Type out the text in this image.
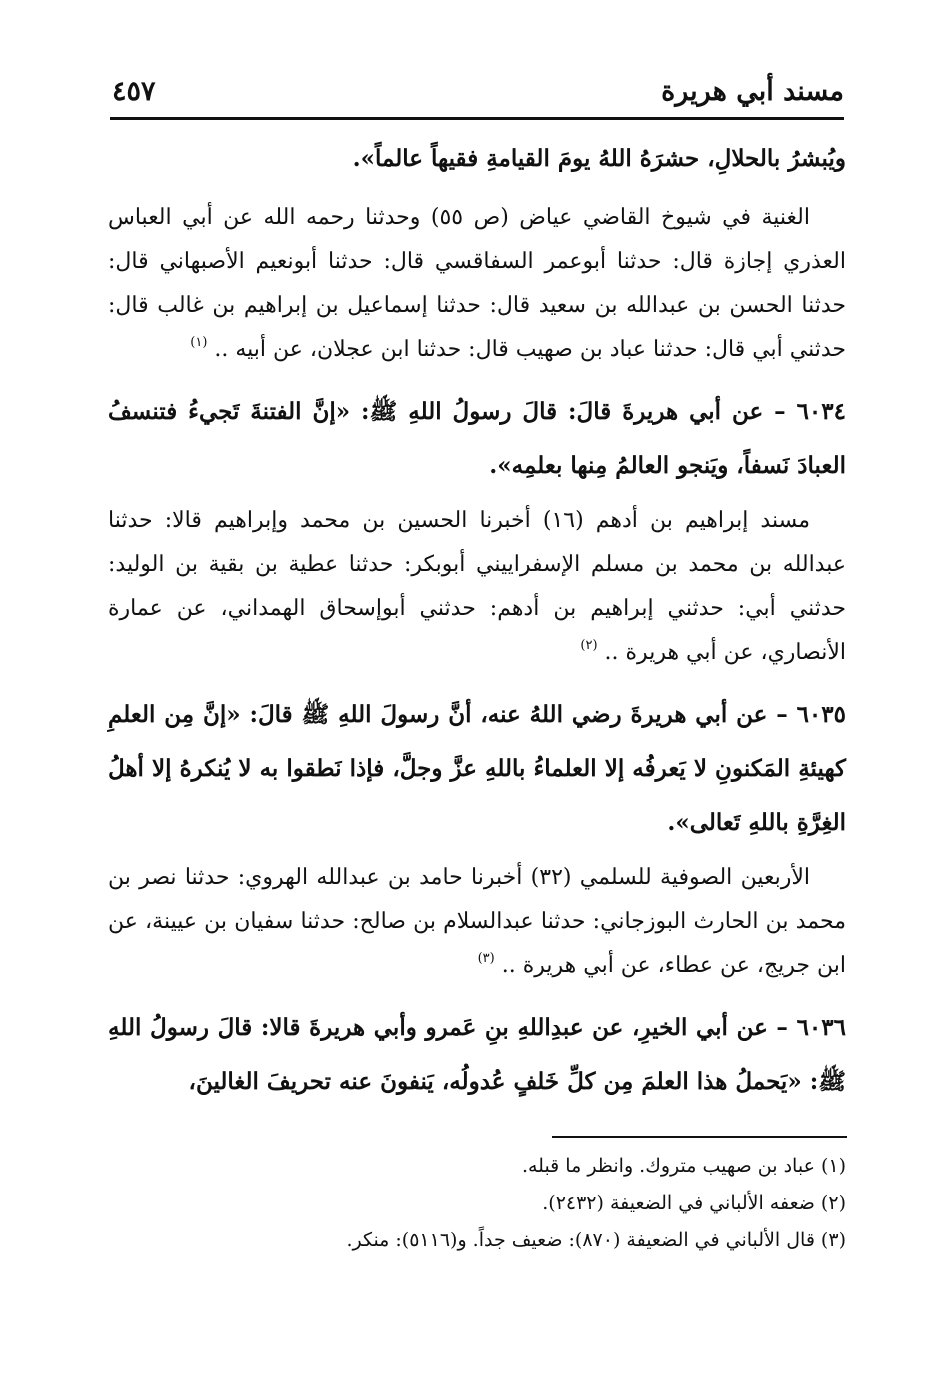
مسند أبي هريرة
٤٥٧

ويُبشرُ بالحلالِ، حشرَهُ اللهُ يومَ القيامةِ فقيهاً عالماً».

الغنية في شيوخ القاضي عياض (ص ٥٥) وحدثنا رحمه الله عن أبي العباس العذري إجازة قال: حدثنا أبوعمر السفاقسي قال: حدثنا أبونعيم الأصبهاني قال: حدثنا الحسن بن عبدالله بن سعيد قال: حدثنا إسماعيل بن إبراهيم بن غالب قال: حدثني أبي قال: حدثنا عباد بن صهيب قال: حدثنا ابن عجلان، عن أبيه .. $^{(١)}$

٦٠٣٤ – عن أبي هريرةَ قالَ: قالَ رسولُ اللهِ ﷺ: «إنَّ الفتنةَ تَجيءُ فتنسفُ العبادَ نَسفاً، ويَنجو العالمُ مِنها بعلمِه».

مسند إبراهيم بن أدهم (١٦) أخبرنا الحسين بن محمد وإبراهيم قالا: حدثنا عبدالله بن محمد بن مسلم الإسفراييني أبوبكر: حدثنا عطية بن بقية بن الوليد: حدثني أبي: حدثني إبراهيم بن أدهم: حدثني أبوإسحاق الهمداني، عن عمارة الأنصاري، عن أبي هريرة .. $^{(٢)}$

٦٠٣٥ – عن أبي هريرةَ رضي اللهُ عنه، أنَّ رسولَ اللهِ ﷺ قالَ: «إنَّ مِن العلمِ كهيئةِ المَكنونِ لا يَعرفُه إلا العلماءُ باللهِ عزَّ وجلَّ، فإذا نَطقوا به لا يُنكرهُ إلا أهلُ الغِرَّةِ باللهِ تَعالى».

الأربعين الصوفية للسلمي (٣٢) أخبرنا حامد بن عبدالله الهروي: حدثنا نصر بن محمد بن الحارث البوزجاني: حدثنا عبدالسلام بن صالح: حدثنا سفيان بن عيينة، عن ابن جريج، عن عطاء، عن أبي هريرة .. $^{(٣)}$

٦٠٣٦ – عن أبي الخيرِ، عن عبدِاللهِ بنِ عَمرو وأبي هريرةَ قالا: قالَ رسولُ اللهِ ﷺ: «يَحملُ هذا العلمَ مِن كلِّ خَلفٍ عُدولُه، يَنفونَ عنه تحريفَ الغالينَ،

(١) عباد بن صهيب متروك. وانظر ما قبله.

(٢) ضعفه الألباني في الضعيفة (٢٤٣٢).

(٣) قال الألباني في الضعيفة (٨٧٠): ضعيف جداً. و(٥١١٦): منكر.
